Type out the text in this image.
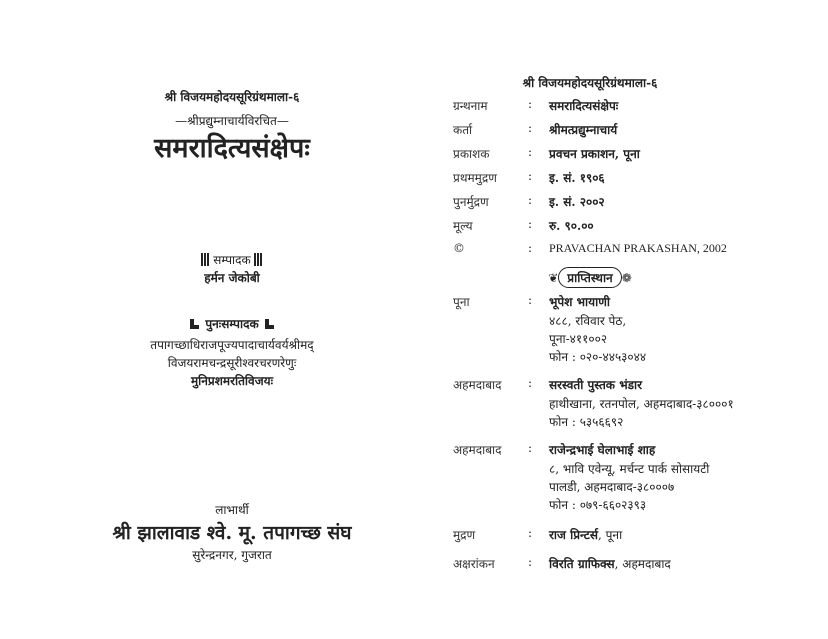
श्री विजयमहोदयसूरिग्रंथमाला-६
—श्रीप्रद्युम्नाचार्यविरचित—
समरादित्यसंक्षेपः
सम्पादक
हर्मन जेकोबी
पुनःसम्पादक
तपागच्छाधिराजपूज्यपादाचार्यवर्यश्रीमद्
विजयरामचन्द्रसूरीश्वरचरणरेणुः
मुनिप्रशमरतिविजयः
लाभार्थी
श्री झालावाड श्वे. मू. तपागच्छ संघ
सुरेन्द्रनगर, गुजरात
श्री विजयमहोदयसूरिग्रंथमाला-६
ग्रन्थनाम	: समरादित्यसंक्षेपः
कर्ता	: श्रीमत्प्रद्युम्नाचार्य
प्रकाशक	: प्रवचन प्रकाशन, पूना
प्रथममुद्रण	: इ. सं. १९०६
पुनर्मुद्रण	: इ. सं. २००२
मूल्य	: रु. ९०.००
©	: PRAVACHAN PRAKASHAN, 2002
❦ प्राप्तिस्थान ❁
पूना	: भूपेश भायाणी
४८८, रविवार पेठ,
पूना-४११००२
फोन : ०२०-४४५३०४४
अहमदाबाद : सरस्वती पुस्तक भंडार
हाथीखाना, रतनपोल, अहमदाबाद-३८०००१
फोन : ५३५६६९२
अहमदाबाद : राजेन्द्रभाई घेलाभाई शाह
८, भावि एवेन्यू, मर्चन्ट पार्क सोसायटी
पालडी, अहमदाबाद-३८०००७
फोन : ०७९-६६०२३९३
मुद्रण	: राज प्रिन्टर्स, पूना
अक्षरांकन	: विरति ग्राफिक्स, अहमदाबाद
